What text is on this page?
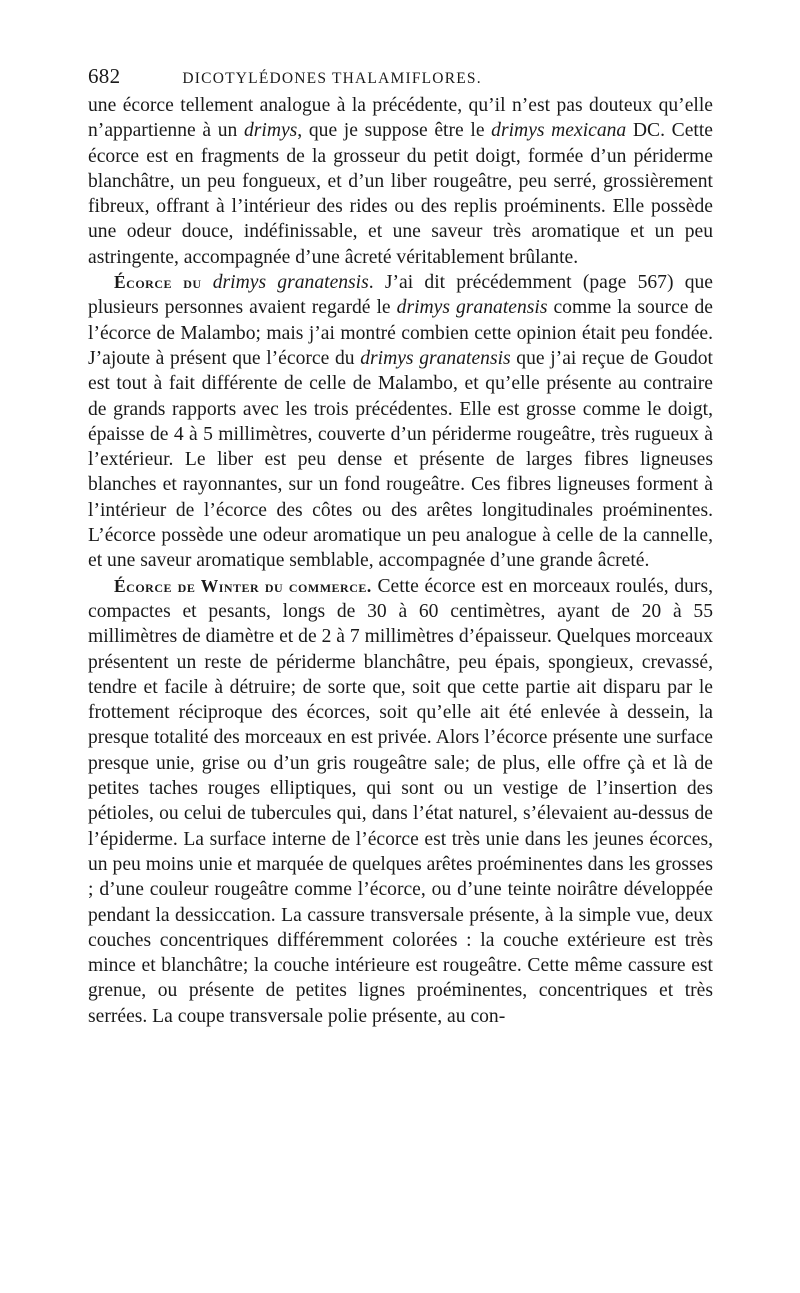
682	DICOTYLÉDONES THALAMIFLORES.

une écorce tellement analogue à la précédente, qu’il n’est pas douteux qu’elle n’appartienne à un drimys, que je suppose être le drimys mexicana DC. Cette écorce est en fragments de la grosseur du petit doigt, formée d’un périderme blanchâtre, un peu fongueux, et d’un liber rougeâtre, peu serré, grossièrement fibreux, offrant à l’intérieur des rides ou des replis proéminents. Elle possède une odeur douce, indéfinissable, et une saveur très aromatique et un peu astringente, accompagnée d’une âcreté véritablement brûlante.

Écorce du drimys granatensis. J’ai dit précédemment (page 567) que plusieurs personnes avaient regardé le drimys granatensis comme la source de l’écorce de Malambo; mais j’ai montré combien cette opinion était peu fondée. J’ajoute à présent que l’écorce du drimys granatensis que j’ai reçue de Goudot est tout à fait différente de celle de Malambo, et qu’elle présente au contraire de grands rapports avec les trois précédentes. Elle est grosse comme le doigt, épaisse de 4 à 5 millimètres, couverte d’un périderme rougeâtre, très rugueux à l’extérieur. Le liber est peu dense et présente de larges fibres ligneuses blanches et rayonnantes, sur un fond rougeâtre. Ces fibres ligneuses forment à l’intérieur de l’écorce des côtes ou des arêtes longitudinales proéminentes. L’écorce possède une odeur aromatique un peu analogue à celle de la cannelle, et une saveur aromatique semblable, accompagnée d’une grande âcreté.

Écorce de Winter du commerce. Cette écorce est en morceaux roulés, durs, compactes et pesants, longs de 30 à 60 centimètres, ayant de 20 à 55 millimètres de diamètre et de 2 à 7 millimètres d’épaisseur. Quelques morceaux présentent un reste de périderme blanchâtre, peu épais, spongieux, crevassé, tendre et facile à détruire; de sorte que, soit que cette partie ait disparu par le frottement réciproque des écorces, soit qu’elle ait été enlevée à dessein, la presque totalité des morceaux en est privée. Alors l’écorce présente une surface presque unie, grise ou d’un gris rougeâtre sale; de plus, elle offre çà et là de petites taches rouges elliptiques, qui sont ou un vestige de l’insertion des pétioles, ou celui de tubercules qui, dans l’état naturel, s’élevaient au-dessus de l’épiderme. La surface interne de l’écorce est très unie dans les jeunes écorces, un peu moins unie et marquée de quelques arêtes proéminentes dans les grosses ; d’une couleur rougeâtre comme l’écorce, ou d’une teinte noirâtre développée pendant la dessiccation. La cassure transversale présente, à la simple vue, deux couches concentriques différemment colorées : la couche extérieure est très mince et blanchâtre; la couche intérieure est rougeâtre. Cette même cassure est grenue, ou présente de petites lignes proéminentes, concentriques et très serrées. La coupe transversale polie présente, au con-
